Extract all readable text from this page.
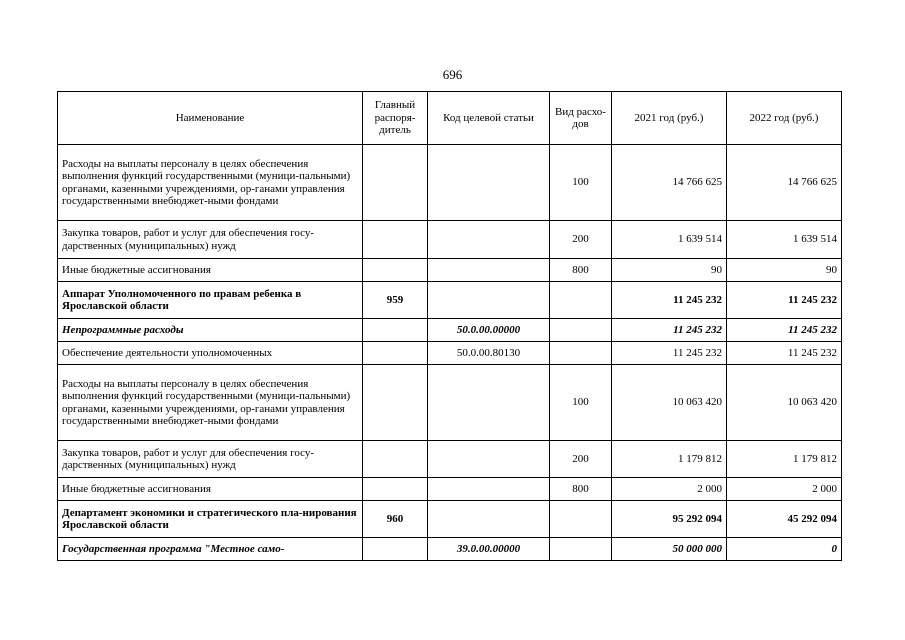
696
Наименование	Главный распоря-дитель	Код целевой статьи	Вид расхо-дов	2021 год (руб.)	2022 год (руб.)
Расходы на выплаты персоналу в целях обеспечения выполнения функций государственными (муници-пальными) органами, казенными учреждениями, ор-ганами управления государственными внебюджет-ными фондами			100	14 766 625	14 766 625
Закупка товаров, работ и услуг для обеспечения госу-дарственных (муниципальных) нужд			200	1 639 514	1 639 514
Иные бюджетные ассигнования			800	90	90
Аппарат Уполномоченного по правам ребенка в Ярославской области	959			11 245 232	11 245 232
Непрограммные расходы		50.0.00.00000		11 245 232	11 245 232
Обеспечение деятельности уполномоченных		50.0.00.80130		11 245 232	11 245 232
Расходы на выплаты персоналу в целях обеспечения выполнения функций государственными (муници-пальными) органами, казенными учреждениями, ор-ганами управления государственными внебюджет-ными фондами			100	10 063 420	10 063 420
Закупка товаров, работ и услуг для обеспечения госу-дарственных (муниципальных) нужд			200	1 179 812	1 179 812
Иные бюджетные ассигнования			800	2 000	2 000
Департамент экономики и стратегического пла-нирования Ярославской области	960			95 292 094	45 292 094
Государственная программа "Местное само-		39.0.00.00000		50 000 000	0
